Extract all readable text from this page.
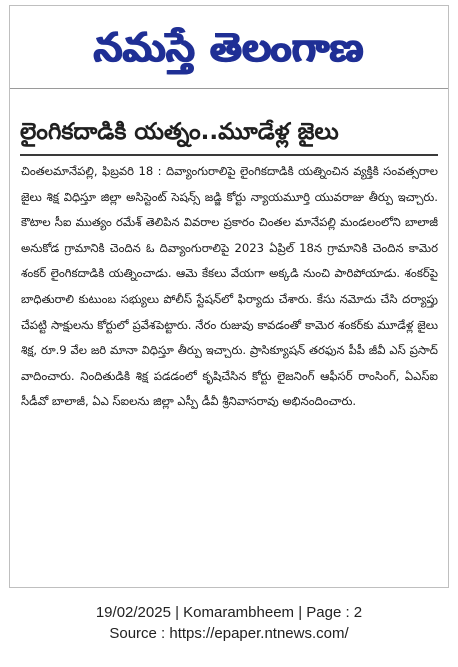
నమస్తే తెలంగాణ
లైంగికదాడికి యత్నం..మూడేళ్ల జైలు
చింతలమానేపల్లి, ఫిబ్రవరి 18 : దివ్యాంగురాలిపై లైంగికదాడికి యత్నించిన వ్యక్తికి సంవత్సరాల జైలు శిక్ష విధిస్తూ జిల్లా అసిస్టెంట్ సెషన్స్ జడ్జి కోర్టు న్యాయమూర్తి యువరాజు తీర్పు ఇచ్చారు. కౌటాల సీఐ ముత్యం రమేశ్ తెలిపిన వివరాల ప్రకారం చింతల మానేపల్లి మండలంలోని బాలాజీ అనుకోడ గ్రామానికి చెందిన ఓ దివ్యాంగురాలిపై 2023 ఏప్రిల్ 18న గ్రామానికి చెందిన కామెర శంకర్ లైంగికదాడికి యత్నించాడు. ఆమె కేకలు వేయగా అక్కడి నుంచి పారిపోయాడు. శంకర్‌పై బాధితురాలి కుటుంబ సభ్యులు పోలీస్ స్టేషన్‌లో ఫిర్యాదు చేశారు. కేసు నమోదు చేసి దర్యాప్తు చేపట్టి సాక్షులను కోర్టులో ప్రవేశపెట్టారు. నేరం రుజువు కావడంతో కామెర శంకర్‌కు మూడేళ్ల జైలు శిక్ష, రూ.9 వేల జరి మానా విధిస్తూ తీర్పు ఇచ్చారు. ప్రాసిక్యూషన్ తరఫున పీపీ జీవీ ఎస్ ప్రసాద్ వాదించారు. నిందితుడికి శిక్ష పడడంలో కృషిచేసిన కోర్టు లైజనింగ్ ఆఫీసర్ రాంసింగ్, ఏఎస్ఐ సీడీవో బాలాజీ, ఏఎ స్ఐలను జిల్లా ఎస్పీ డీవీ శ్రీనివాసరావు అభినందించారు.
19/02/2025 | Komarambheem | Page : 2
Source : https://epaper.ntnews.com/
